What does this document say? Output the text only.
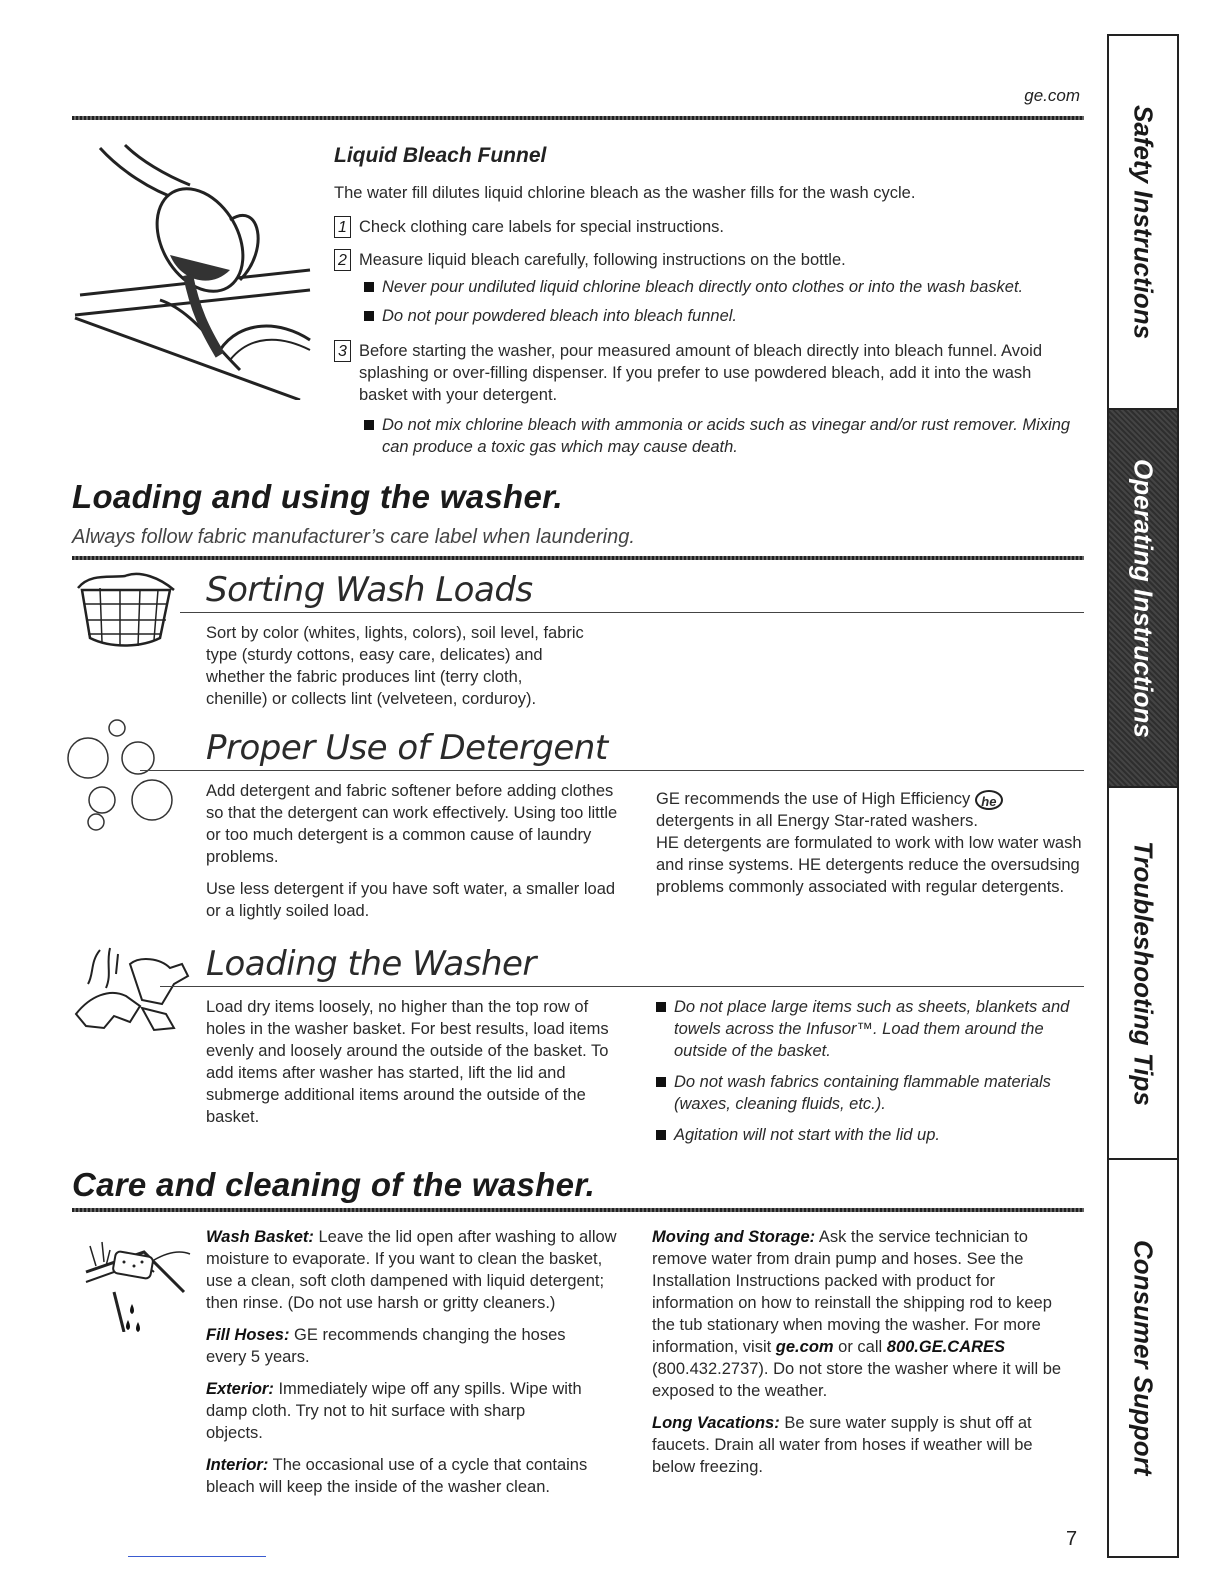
ge.com
Liquid Bleach Funnel

The water fill dilutes liquid chlorine bleach as the washer fills for the wash cycle.

1 Check clothing care labels for special instructions.

2 Measure liquid bleach carefully, following instructions on the bottle.

Never pour undiluted liquid chlorine bleach directly onto clothes or into the wash basket.

Do not pour powdered bleach into bleach funnel.

3 Before starting the washer, pour measured amount of bleach directly into bleach funnel. Avoid splashing or over-filling dispenser. If you prefer to use powdered bleach, add it into the wash basket with your detergent.

Do not mix chlorine bleach with ammonia or acids such as vinegar and/or rust remover. Mixing can produce a toxic gas which may cause death.

Loading and using the washer.
Always follow fabric manufacturer’s care label when laundering.
Sorting Wash Loads

Sort by color (whites, lights, colors), soil level, fabric type (sturdy cottons, easy care, delicates) and whether the fabric produces lint (terry cloth, chenille) or collects lint (velveteen, corduroy).

Proper Use of Detergent

Add detergent and fabric softener before adding clothes so that the detergent can work effectively. Using too little or too much detergent is a common cause of laundry problems.

Use less detergent if you have soft water, a smaller load or a lightly soiled load.

GE recommends the use of High Efficiency he

detergents in all Energy Star-rated washers.

HE detergents are formulated to work with low water wash and rinse systems. HE detergents reduce the oversudsing problems commonly associated with regular detergents.

Loading the Washer

Load dry items loosely, no higher than the top row of holes in the washer basket. For best results, load items evenly and loosely around the outside of the basket. To add items after washer has started, lift the lid and submerge additional items around the outside of the basket.

Do not place large items such as sheets, blankets and towels across the Infusor™. Load them around the outside of the basket.

Do not wash fabrics containing flammable materials (waxes, cleaning fluids, etc.).

Agitation will not start with the lid up.

Care and cleaning of the washer.

Wash Basket: Leave the lid open after washing to allow moisture to evaporate. If you want to clean the basket, use a clean, soft cloth dampened with liquid detergent; then rinse. (Do not use harsh or gritty cleaners.)

Fill Hoses: GE recommends changing the hoses every 5 years.

Exterior: Immediately wipe off any spills. Wipe with damp cloth. Try not to hit surface with sharp objects.

Interior: The occasional use of a cycle that contains bleach will keep the inside of the washer clean.

Moving and Storage: Ask the service technician to remove water from drain pump and hoses. See the Installation Instructions packed with product for information on how to reinstall the shipping rod to keep the tub stationary when moving the washer. For more information, visit ge.com or call 800.GE.CARES (800.432.2737). Do not store the washer where it will be exposed to the weather.

Long Vacations: Be sure water supply is shut off at faucets. Drain all water from hoses if weather will be below freezing.

Safety Instructions
Operating Instructions
Troubleshooting Tips
Consumer Support
7
